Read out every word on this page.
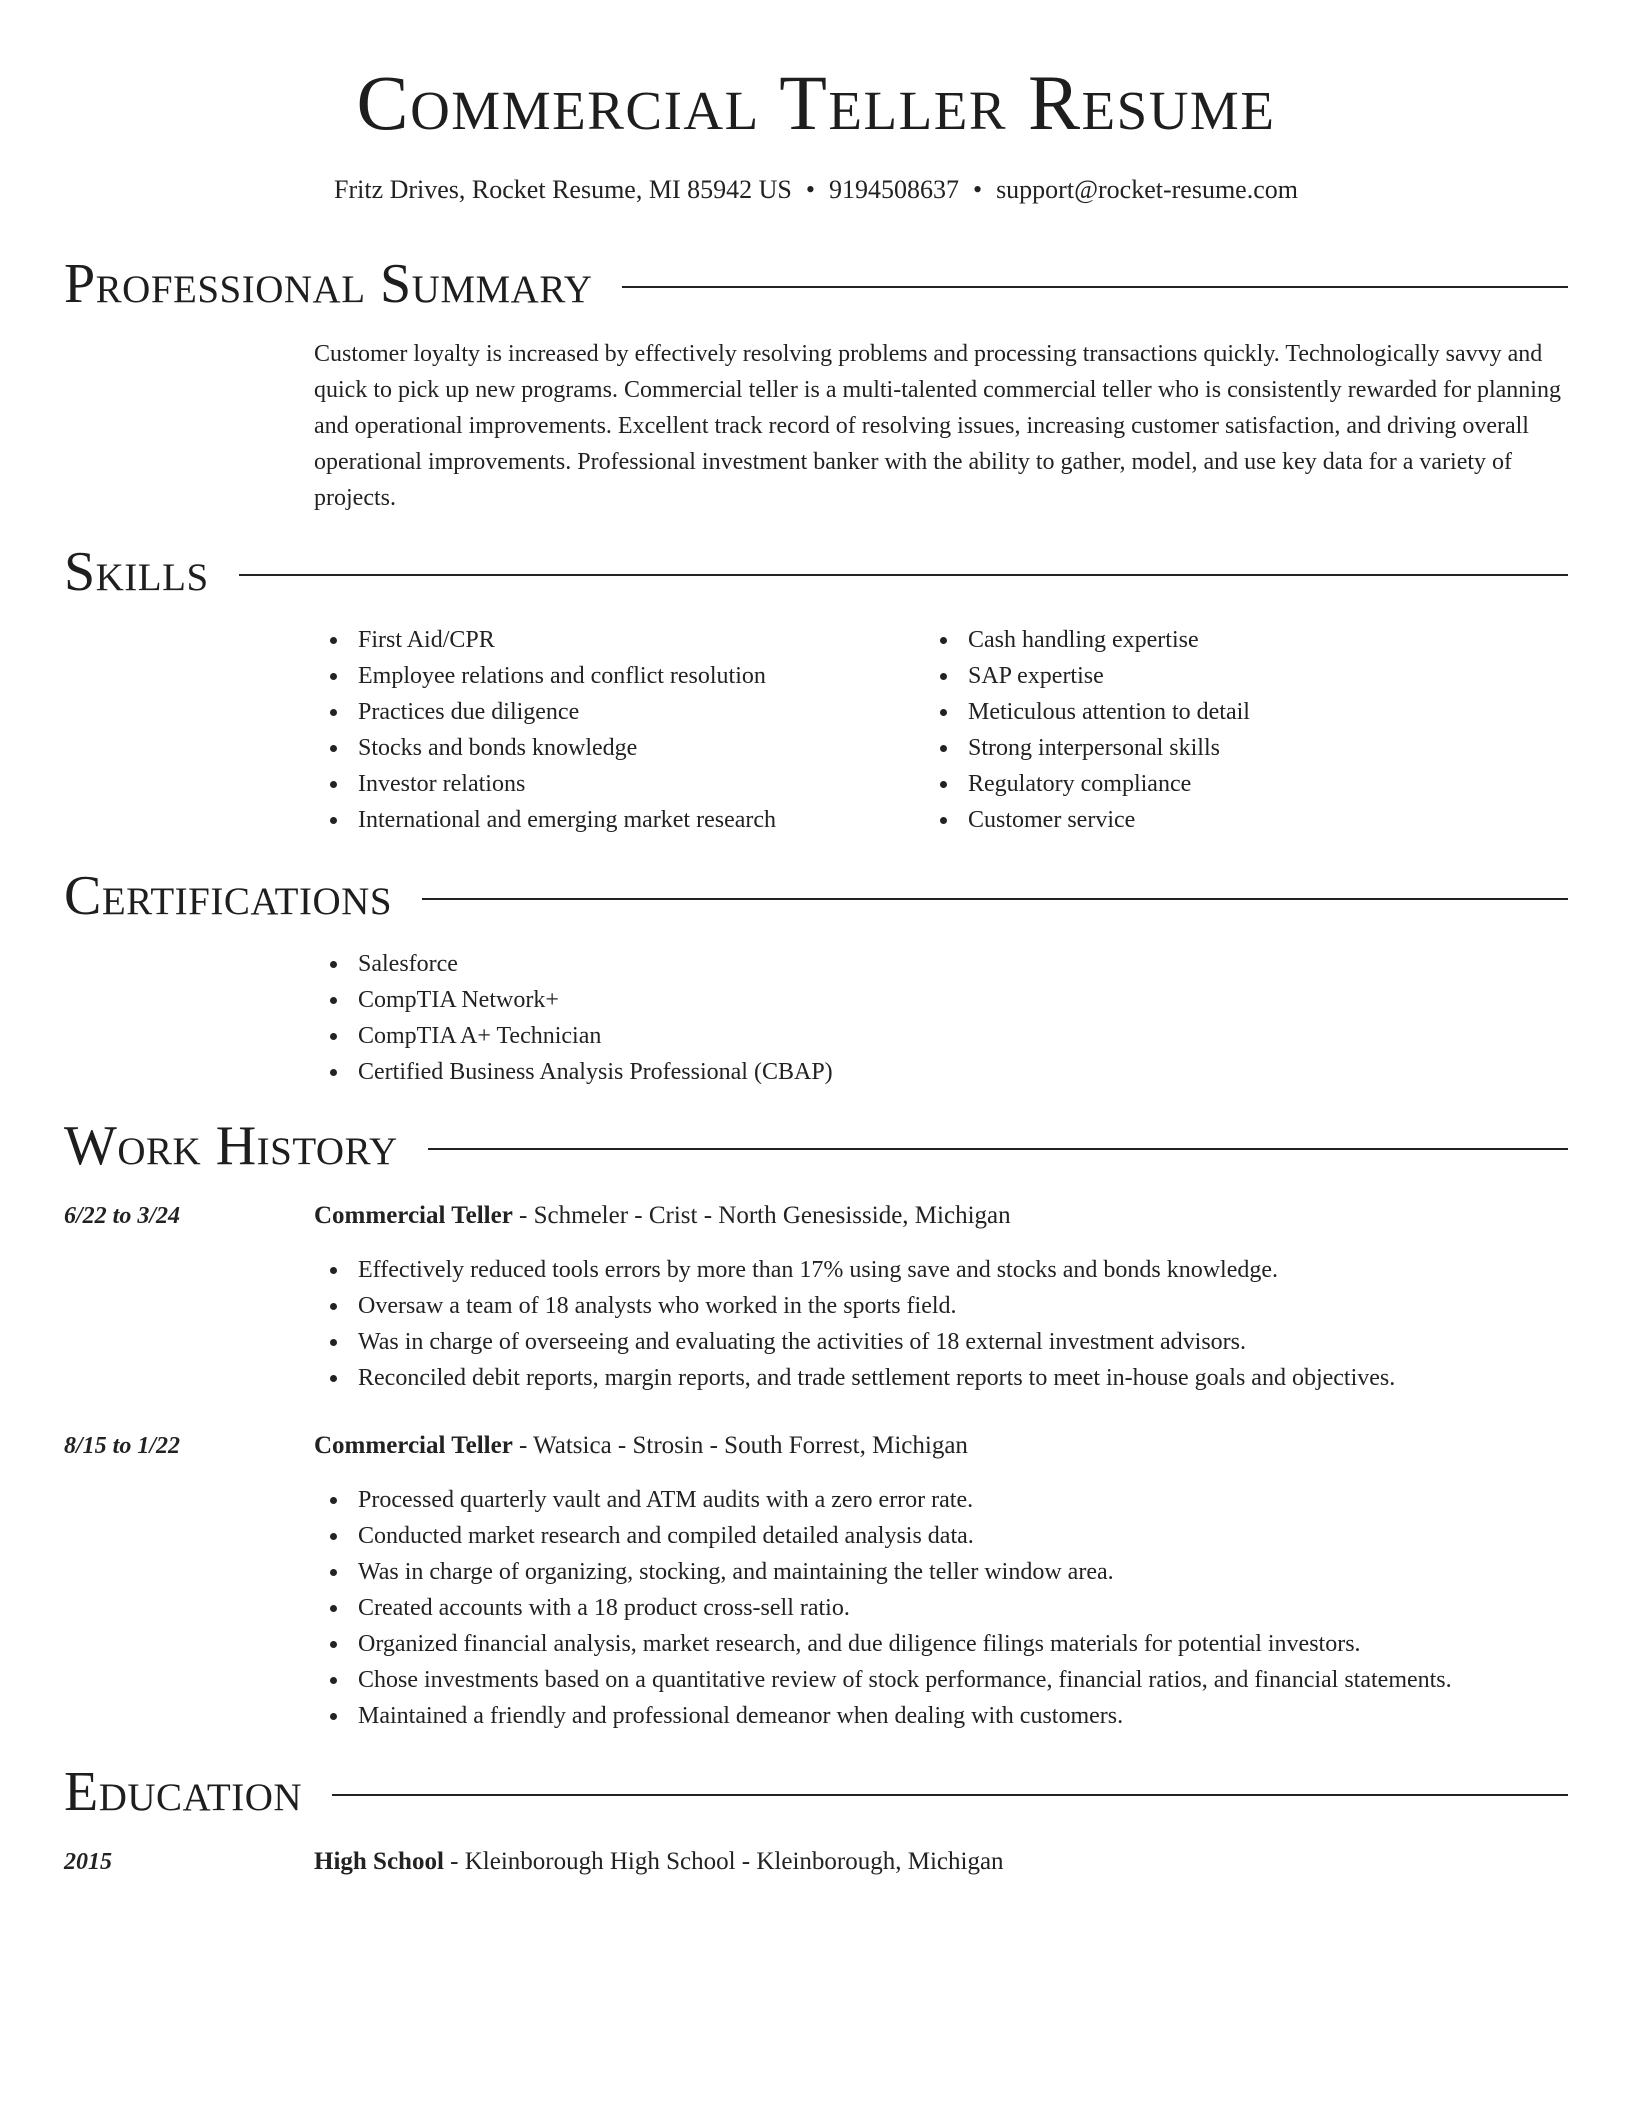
Commercial Teller Resume
Fritz Drives, Rocket Resume, MI 85942 US • 9194508637 • support@rocket-resume.com
Professional Summary

Customer loyalty is increased by effectively resolving problems and processing transactions quickly. Technologically savvy and quick to pick up new programs. Commercial teller is a multi-talented commercial teller who is consistently rewarded for planning and operational improvements. Excellent track record of resolving issues, increasing customer satisfaction, and driving overall operational improvements. Professional investment banker with the ability to gather, model, and use key data for a variety of projects.

Skills
First Aid/CPR
Employee relations and conflict resolution
Practices due diligence
Stocks and bonds knowledge
Investor relations
International and emerging market research
Cash handling expertise
SAP expertise
Meticulous attention to detail
Strong interpersonal skills
Regulatory compliance
Customer service
Certifications
Salesforce
CompTIA Network+
CompTIA A+ Technician
Certified Business Analysis Professional (CBAP)
Work History
6/22 to 3/24	Commercial Teller - Schmeler - Crist - North Genesisside, Michigan
Effectively reduced tools errors by more than 17% using save and stocks and bonds knowledge.
Oversaw a team of 18 analysts who worked in the sports field.
Was in charge of overseeing and evaluating the activities of 18 external investment advisors.
Reconciled debit reports, margin reports, and trade settlement reports to meet in-house goals and objectives.
8/15 to 1/22	Commercial Teller - Watsica - Strosin - South Forrest, Michigan
Processed quarterly vault and ATM audits with a zero error rate.
Conducted market research and compiled detailed analysis data.
Was in charge of organizing, stocking, and maintaining the teller window area.
Created accounts with a 18 product cross-sell ratio.
Organized financial analysis, market research, and due diligence filings materials for potential investors.
Chose investments based on a quantitative review of stock performance, financial ratios, and financial statements.
Maintained a friendly and professional demeanor when dealing with customers.
Education
2015	High School - Kleinborough High School - Kleinborough, Michigan
